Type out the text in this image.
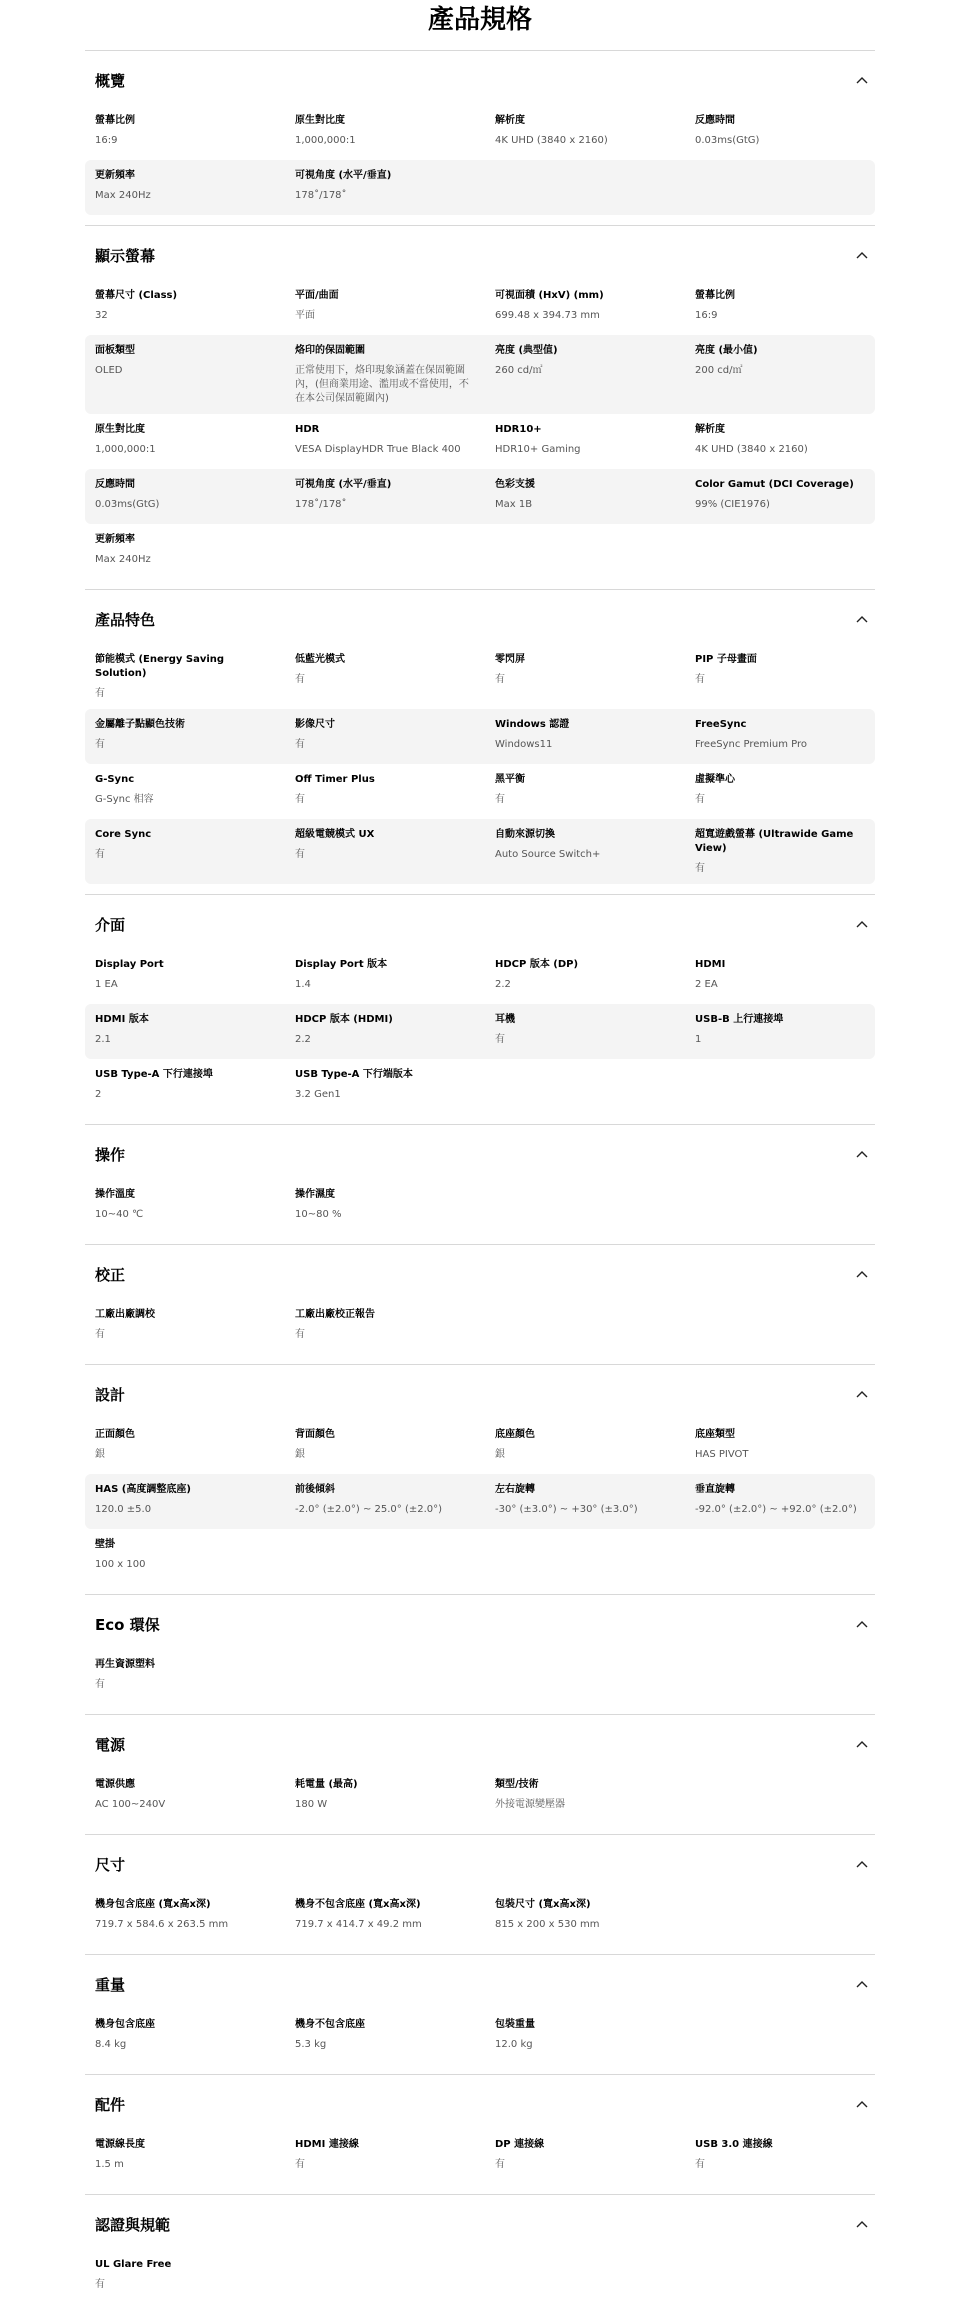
產品規格
概覽
螢幕比例
16:9
原生對比度
1,000,000:1
解析度
4K UHD (3840 x 2160)
反應時間
0.03ms(GtG)
更新頻率
Max 240Hz
可視角度 (水平/垂直)
178˚/178˚
顯示螢幕
螢幕尺寸 (Class)
32
平面/曲面
平面
可視面積 (HxV) (mm)
699.48 x 394.73 mm
螢幕比例
16:9
面板類型
OLED
烙印的保固範圍
正常使用下，烙印現象涵蓋在保固範圍內，(但商業用途、濫用或不當使用，不在本公司保固範圍內)
亮度 (典型值)
260 cd/㎡
亮度 (最小值)
200 cd/㎡
原生對比度
1,000,000:1
HDR
VESA DisplayHDR True Black 400
HDR10+
HDR10+ Gaming
解析度
4K UHD (3840 x 2160)
反應時間
0.03ms(GtG)
可視角度 (水平/垂直)
178˚/178˚
色彩支援
Max 1B
Color Gamut (DCI Coverage)
99% (CIE1976)
更新頻率
Max 240Hz
產品特色
節能模式 (Energy Saving Solution)
有
低藍光模式
有
零閃屏
有
PIP 子母畫面
有
金屬離子點顯色技術
有
影像尺寸
有
Windows 認證
Windows11
FreeSync
FreeSync Premium Pro
G-Sync
G-Sync 相容
Off Timer Plus
有
黑平衡
有
虛擬準心
有
Core Sync
有
超級電競模式 UX
有
自動來源切換
Auto Source Switch+
超寬遊戲螢幕 (Ultrawide Game View)
有
介面
Display Port
1 EA
Display Port 版本
1.4
HDCP 版本 (DP)
2.2
HDMI
2 EA
HDMI 版本
2.1
HDCP 版本 (HDMI)
2.2
耳機
有
USB-B 上行連接埠
1
USB Type-A 下行連接埠
2
USB Type-A 下行端版本
3.2 Gen1
操作
操作溫度
10~40 ℃
操作濕度
10~80 %
校正
工廠出廠調校
有
工廠出廠校正報告
有
設計
正面顏色
銀
背面顏色
銀
底座顏色
銀
底座類型
HAS PIVOT
HAS (高度調整底座)
120.0 ±5.0
前後傾斜
-2.0° (±2.0°) ~ 25.0° (±2.0°)
左右旋轉
-30° (±3.0°) ~ +30° (±3.0°)
垂直旋轉
-92.0° (±2.0°) ~ +92.0° (±2.0°)
壁掛
100 x 100
Eco 環保
再生資源塑料
有
電源
電源供應
AC 100~240V
耗電量 (最高)
180 W
類型/技術
外接電源變壓器
尺寸
機身包含底座 (寬x高x深)
719.7 x 584.6 x 263.5 mm
機身不包含底座 (寬x高x深)
719.7 x 414.7 x 49.2 mm
包裝尺寸 (寬x高x深)
815 x 200 x 530 mm
重量
機身包含底座
8.4 kg
機身不包含底座
5.3 kg
包裝重量
12.0 kg
配件
電源線長度
1.5 m
HDMI 連接線
有
DP 連接線
有
USB 3.0 連接線
有
認證與規範
UL Glare Free
有
